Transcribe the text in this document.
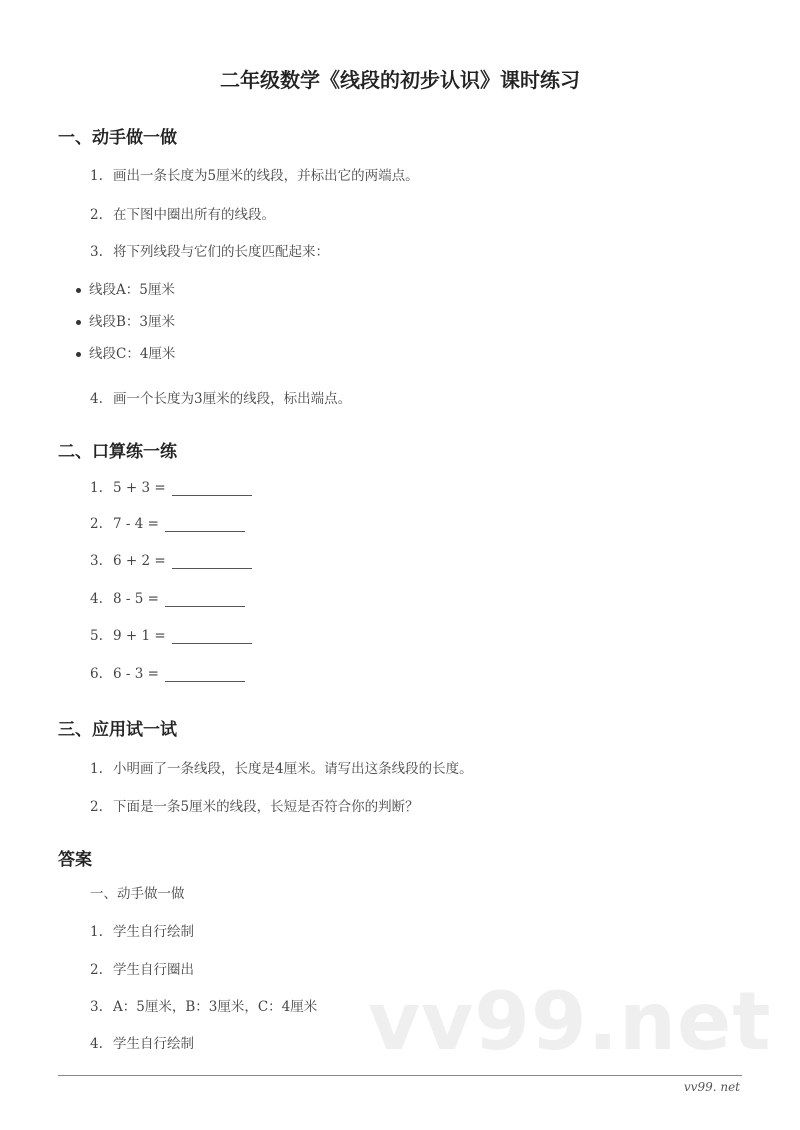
二年级数学《线段的初步认识》课时练习
一、动手做一做
1. 画出一条长度为5厘米的线段，并标出它的两端点。
2. 在下图中圈出所有的线段。
3. 将下列线段与它们的长度匹配起来：
线段A：5厘米
线段B：3厘米
线段C：4厘米
4. 画一个长度为3厘米的线段，标出端点。
二、口算练一练
1. 5 + 3 =
2. 7 - 4 =
3. 6 + 2 =
4. 8 - 5 =
5. 9 + 1 =
6. 6 - 3 =
三、应用试一试
1. 小明画了一条线段，长度是4厘米。请写出这条线段的长度。
2. 下面是一条5厘米的线段，长短是否符合你的判断？
答案
一、动手做一做
1. 学生自行绘制
2. 学生自行圈出
3. A：5厘米，B：3厘米，C：4厘米
4. 学生自行绘制 vv99.net
vv99. net
